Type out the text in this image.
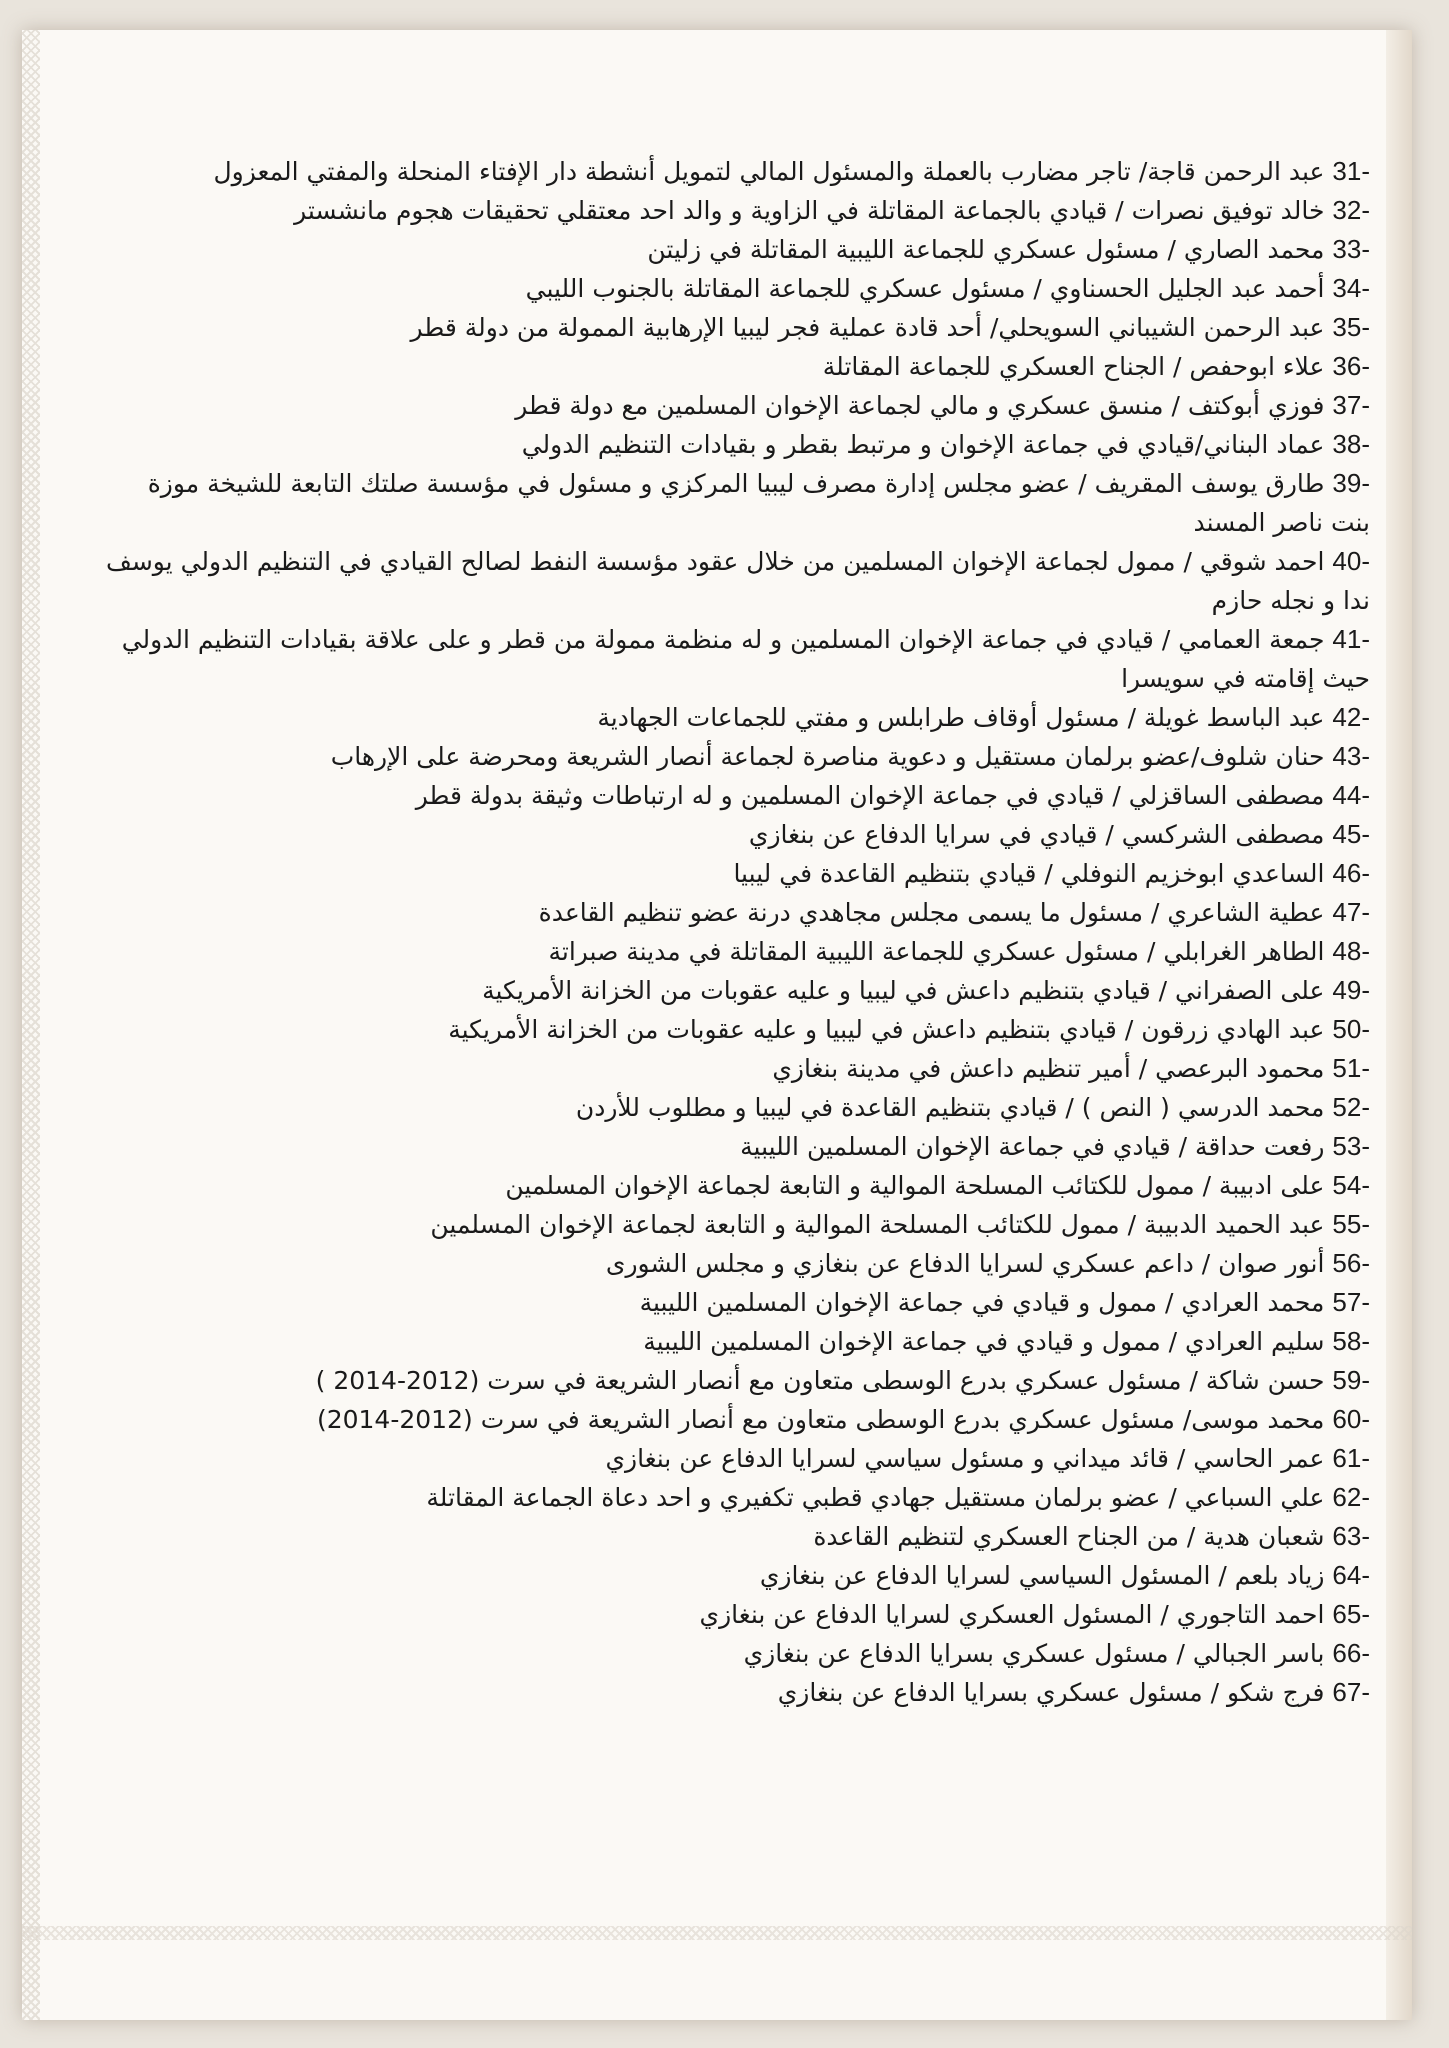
-31 عبد الرحمن قاجة/ تاجر مضارب بالعملة والمسئول المالي لتمويل أنشطة دار الإفتاء المنحلة والمفتي المعزول
-32 خالد توفيق نصرات / قيادي بالجماعة المقاتلة في الزاوية و والد احد معتقلي تحقيقات هجوم مانشستر
-33 محمد الصاري / مسئول عسكري للجماعة الليبية المقاتلة في زليتن
-34 أحمد عبد الجليل الحسناوي / مسئول عسكري للجماعة المقاتلة بالجنوب الليبي
-35 عبد الرحمن الشيباني السويحلي/ أحد قادة عملية فجر ليبيا الإرهابية الممولة من دولة قطر
-36 علاء ابوحفص / الجناح العسكري للجماعة المقاتلة
-37 فوزي أبوكتف / منسق عسكري و مالي لجماعة الإخوان المسلمين مع دولة قطر
-38 عماد البناني/قيادي في جماعة الإخوان و مرتبط بقطر و بقيادات التنظيم الدولي
-39 طارق يوسف المقريف / عضو مجلس إدارة مصرف ليبيا المركزي و مسئول في مؤسسة صلتك التابعة للشيخة موزة بنت ناصر المسند
-40 احمد شوقي / ممول لجماعة الإخوان المسلمين من خلال عقود مؤسسة النفط لصالح القيادي في التنظيم الدولي يوسف ندا و نجله حازم
-41 جمعة العمامي / قيادي في جماعة الإخوان المسلمين و له منظمة ممولة من قطر و على علاقة بقيادات التنظيم الدولي حيث إقامته في سويسرا
-42 عبد الباسط غويلة / مسئول أوقاف طرابلس و مفتي للجماعات الجهادية
-43 حنان شلوف/عضو برلمان مستقيل و دعوية مناصرة لجماعة أنصار الشريعة ومحرضة على الإرهاب
-44 مصطفى الساقزلي / قيادي في جماعة الإخوان المسلمين و له ارتباطات وثيقة بدولة قطر
-45 مصطفى الشركسي / قيادي في سرايا الدفاع عن بنغازي
-46 الساعدي ابوخزيم النوفلي / قيادي بتنظيم القاعدة في ليبيا
-47 عطية الشاعري / مسئول ما يسمى مجلس مجاهدي درنة عضو تنظيم القاعدة
-48 الطاهر الغرابلي / مسئول عسكري للجماعة الليبية المقاتلة في مدينة صبراتة
-49 على الصفراني / قيادي بتنظيم داعش في ليبيا و عليه عقوبات من الخزانة الأمريكية
-50 عبد الهادي زرقون / قيادي بتنظيم داعش في ليبيا و عليه عقوبات من الخزانة الأمريكية
-51 محمود البرعصي / أمير تنظيم داعش في مدينة بنغازي
-52 محمد الدرسي ( النص ) / قيادي بتنظيم القاعدة في ليبيا و مطلوب للأردن
-53 رفعت حداقة / قيادي في جماعة الإخوان المسلمين الليبية
-54 على ادبيبة / ممول للكتائب المسلحة الموالية و التابعة لجماعة الإخوان المسلمين
-55 عبد الحميد الدبيبة / ممول للكتائب المسلحة الموالية و التابعة لجماعة الإخوان المسلمين
-56 أنور صوان / داعم عسكري لسرايا الدفاع عن بنغازي و مجلس الشورى
-57 محمد العرادي / ممول و قيادي في جماعة الإخوان المسلمين الليبية
-58 سليم العرادي / ممول و قيادي في جماعة الإخوان المسلمين الليبية
-59 حسن شاكة / مسئول عسكري بدرع الوسطى متعاون مع أنصار الشريعة في سرت (2012-2014 )
-60 محمد موسى/ مسئول عسكري بدرع الوسطى متعاون مع أنصار الشريعة في سرت (2012-2014)
-61 عمر الحاسي / قائد ميداني و مسئول سياسي لسرايا الدفاع عن بنغازي
-62 علي السباعي / عضو برلمان مستقيل جهادي قطبي تكفيري و احد دعاة الجماعة المقاتلة
-63 شعبان هدية / من الجناح العسكري لتنظيم القاعدة
-64 زياد بلعم / المسئول السياسي لسرايا الدفاع عن بنغازي
-65 احمد التاجوري / المسئول العسكري لسرايا الدفاع عن بنغازي
-66 باسر الجبالي / مسئول عسكري بسرايا الدفاع عن بنغازي
-67 فرج شكو / مسئول عسكري بسرايا الدفاع عن بنغازي
